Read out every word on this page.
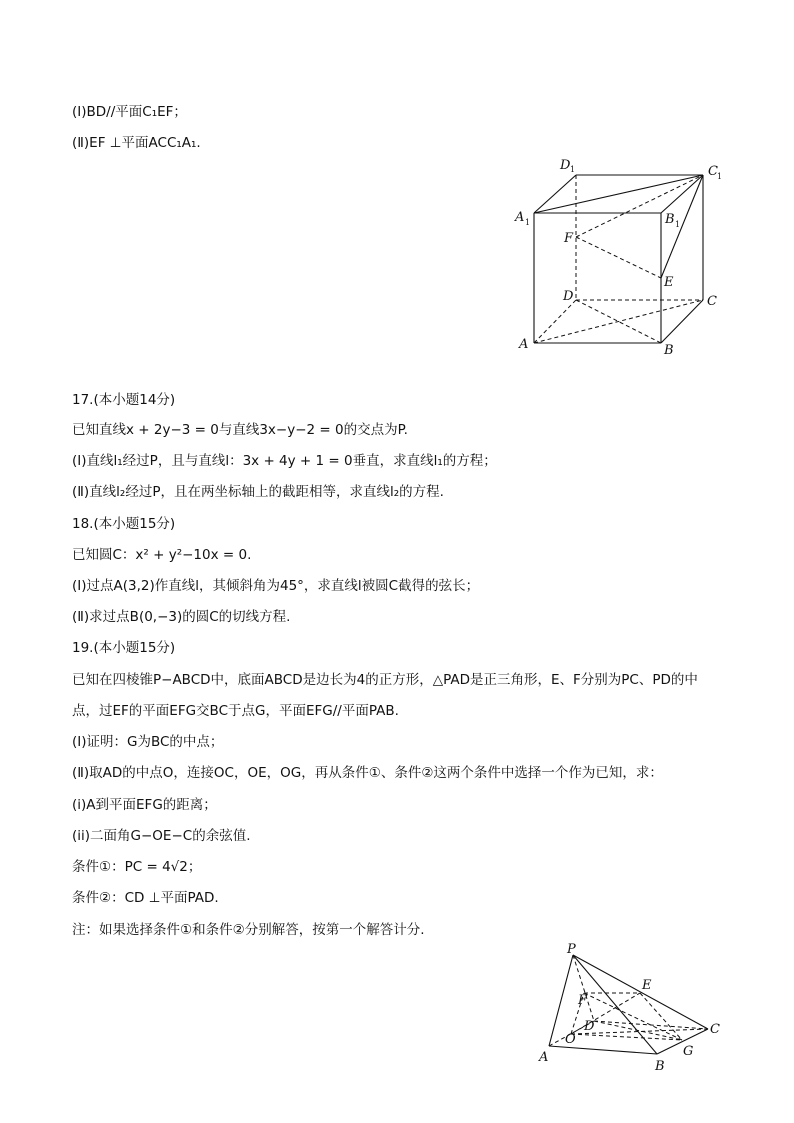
(Ⅰ)BD//平面C₁EF；
(Ⅱ)EF ⊥平面ACC₁A₁.
17.(本小题14分)
已知直线x + 2y−3 = 0与直线3x−y−2 = 0的交点为P.
(Ⅰ)直线l₁经过P，且与直线l：3x + 4y + 1 = 0垂直，求直线l₁的方程；
(Ⅱ)直线l₂经过P，且在两坐标轴上的截距相等，求直线l₂的方程.
18.(本小题15分)
已知圆C：x² + y²−10x = 0.
(Ⅰ)过点A(3,2)作直线l，其倾斜角为45°，求直线l被圆C截得的弦长；
(Ⅱ)求过点B(0,−3)的圆C的切线方程.
19.(本小题15分)
已知在四棱锥P−ABCD中，底面ABCD是边长为4的正方形，△PAD是正三角形，E、F分别为PC、PD的中
点，过EF的平面EFG交BC于点G，平面EFG//平面PAB.
(Ⅰ)证明：G为BC的中点；
(Ⅱ)取AD的中点O，连接OC，OE，OG，再从条件①、条件②这两个条件中选择一个作为已知，求：
(i)A到平面EFG的距离；
(ii)二面角G−OE−C的余弦值.
条件①：PC = 4√2；
条件②：CD ⊥平面PAD.
注：如果选择条件①和条件②分别解答，按第一个解答计分.
D 1	C 1
A 1	B 1
F
E
D	C
A	B
P
E
F
D
O
C
G
A
B
